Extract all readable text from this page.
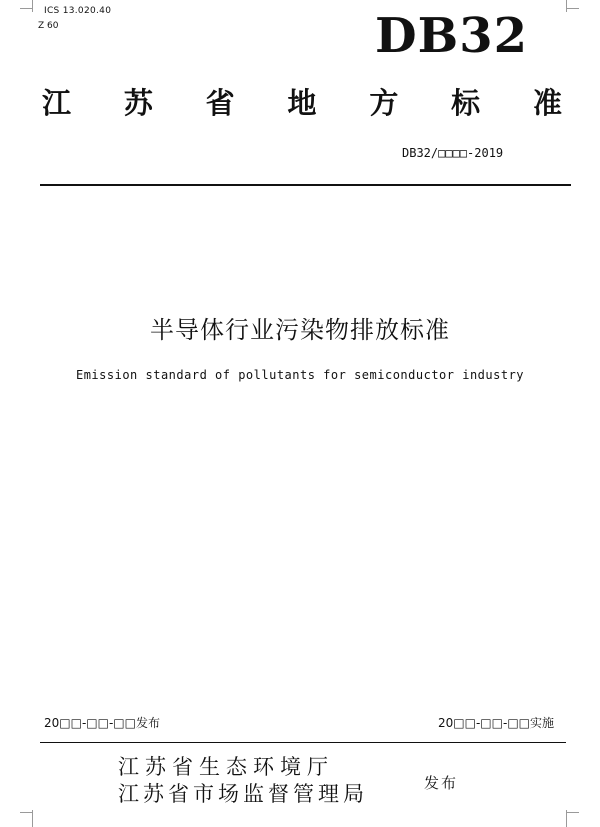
ICS 13.020.40
Z 60	DB32
江 苏 省 地 方 标 准
DB32/□□□□-2019
半导体行业污染物排放标准
Emission standard of pollutants for semiconductor industry
20□□-□□-□□发布	20□□-□□-□□实施
江苏省生态环境厅
江苏省市场监督管理局	发布
